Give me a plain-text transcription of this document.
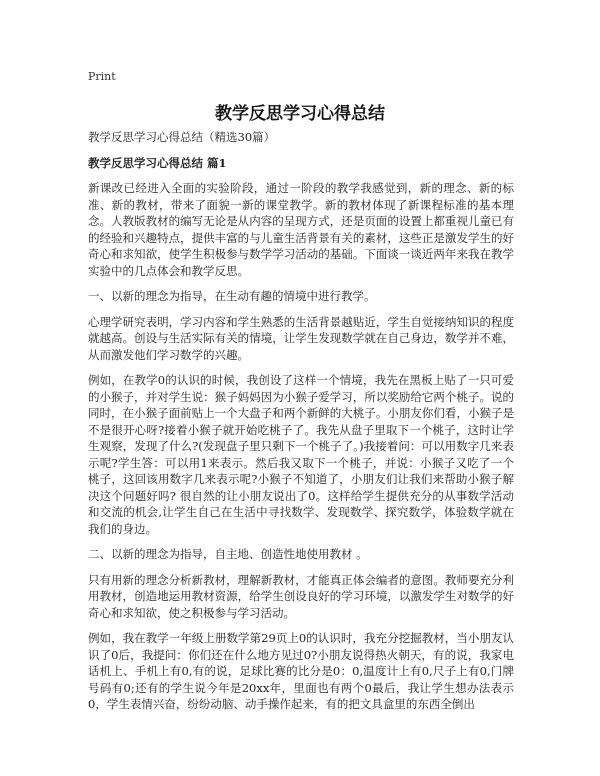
Print
教学反思学习心得总结

教学反思学习心得总结（精选30篇）

教学反思学习心得总结 篇1

新课改已经进入全面的实验阶段，通过一阶段的教学我感觉到，新的理念、新的标准、新的教材，带来了面貌一新的课堂教学。新的教材体现了新课程标准的基本理念。人教版教材的编写无论是从内容的呈现方式，还是页面的设置上都重视儿童已有的经验和兴趣特点，提供丰富的与儿童生活背景有关的素材，这些正是激发学生的好奇心和求知欲，使学生积极参与数学学习活动的基础。下面谈一谈近两年来我在教学实验中的几点体会和教学反思。

一、以新的理念为指导，在生动有趣的情境中进行教学。

心理学研究表明，学习内容和学生熟悉的生活背景越贴近，学生自觉接纳知识的程度就越高。创设与生活实际有关的情境，让学生发现数学就在自己身边，数学并不难，从而激发他们学习数学的兴趣。

例如，在教学0的认识的时候，我创设了这样一个情境，我先在黑板上贴了一只可爱的小猴子，并对学生说：猴子妈妈因为小猴子爱学习，所以奖励给它两个桃子。说的同时，在小猴子面前贴上一个大盘子和两个新鲜的大桃子。小朋友你们看，小猴子是不是很开心呀?接着小猴子就开始吃桃子了。我先从盘子里取下一个桃子，这时让学生观察，发现了什么?(发现盘子里只剩下一个桃子了。)我接着问：可以用数字几来表示呢?学生答：可以用1来表示。然后我又取下一个桃子，并说：小猴子又吃了一个桃子，这回该用数字几来表示呢?小猴子不知道了，小朋友们让我们来帮助小猴子解决这个问题好吗? 很自然的让小朋友说出了0。这样给学生提供充分的从事数学活动和交流的机会,让学生自己在生活中寻找数学、发现数学、探究数学，体验数学就在我们的身边。

二、以新的理念为指导，自主地、创造性地使用教材 。

只有用新的理念分析新教材，理解新教材，才能真正体会编者的意图。教师要充分利用教材，创造地运用教材资源，给学生创设良好的学习环境，以激发学生对数学的好奇心和求知欲，使之积极参与学习活动。

例如，我在教学一年级上册数学第29页上0的认识时，我充分挖掘教材，当小朋友认识了0后，我提问：你们还在什么地方见过0?小朋友说得热火朝天，有的说，我家电话机上、手机上有0,有的说，足球比赛的比分是0：0,温度计上有0,尺子上有0,门牌号码有0;还有的学生说今年是20xx年，里面也有两个0最后，我让学生想办法表示0，学生表情兴奋，纷纷动脑、动手操作起来，有的把文具盒里的东西全倒出
